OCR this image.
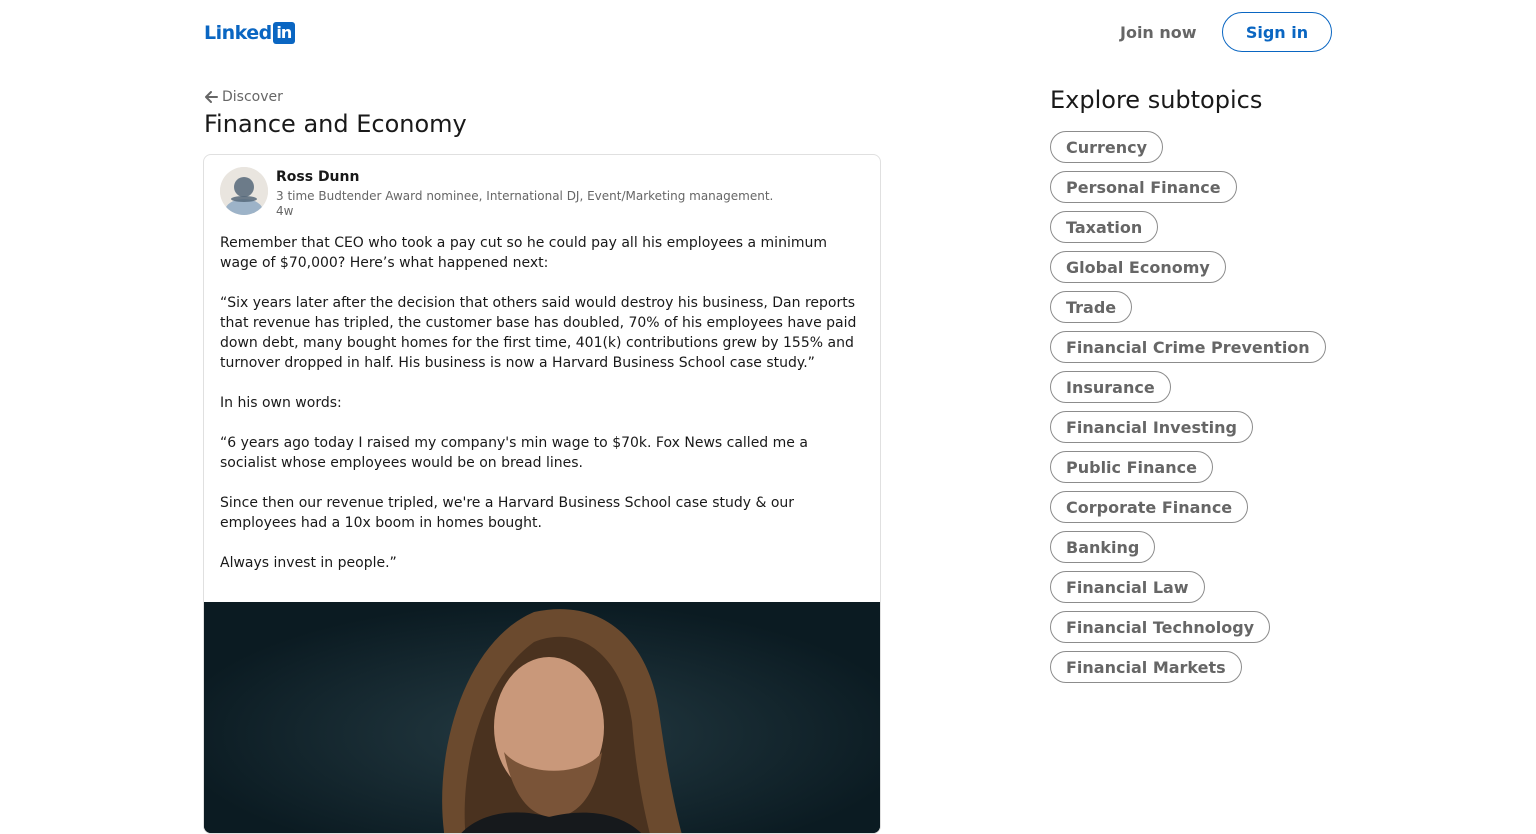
Linked in	Join now	Sign in
Discover
Finance and Economy
Ross Dunn
3 time Budtender Award nominee, International DJ, Event/Marketing management.
4w

Remember that CEO who took a pay cut so he could pay all his employees a minimum wage of $70,000? Here’s what happened next:

“Six years later after the decision that others said would destroy his business, Dan reports that revenue has tripled, the customer base has doubled, 70% of his employees have paid down debt, many bought homes for the first time, 401(k) contributions grew by 155% and turnover dropped in half. His business is now a Harvard Business School case study.”

In his own words:

“6 years ago today I raised my company's min wage to $70k. Fox News called me a socialist whose employees would be on bread lines.

Since then our revenue tripled, we're a Harvard Business School case study & our employees had a 10x boom in homes bought.

Always invest in people.”

Explore subtopics
Currency
Personal Finance
Taxation
Global Economy
Trade
Financial Crime Prevention
Insurance
Financial Investing
Public Finance
Corporate Finance
Banking
Financial Law
Financial Technology
Financial Markets
